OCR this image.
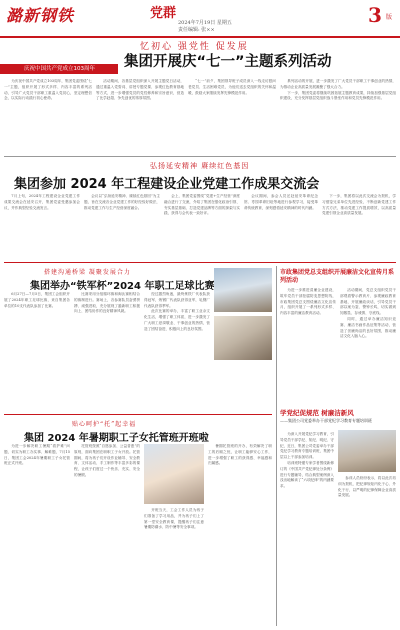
潞新钢铁	党群
2024年7月19日 星期五
责任编辑: 张××
3 版
忆初心 强党性 促发展
庆祝中国共产党成立103周年	集团开展庆“七一”主题系列活动

为庆祝中国共产党成立103周年，集团党委围绕“七一”主题，组织开展了形式多样、内容丰富的系列活动，引导广大党员干部职工重温入党初心，坚定理想信念，以实际行动践行初心使命。

活动期间，各基层党组织深入开展主题党日活动，通过重温入党誓词、讲授专题党课、参观红色教育基地等方式，进一步增强党员的党性修养和宗旨意识，营造了比学赶超、争先创优的浓厚氛围。

“七一”前夕，集团领导班子成员深入一线走访慰问老党员、生活困难党员，为他们送去党组织的关怀和温暖，鼓励大家继续发挥先锋模范作用。

系列活动的开展，进一步激发了广大党员干部职工干事创业的热情，为推动企业高质量发展凝聚了强大合力。

下一步，集团党委将继续巩固拓展主题教育成果，持续加强基层党组织建设，充分发挥基层党组织战斗堡垒作用和党员先锋模范作用。

弘扬延安精神 赓续红色基因
集团参加 2024 年工程建设企业党建工作成果交流会

7月上旬，2024年工程建设企业党建工作成果交流会在延安召开，集团党委受邀参加会议，并作典型经验交流发言。

会议以“弘扬延安精神、赓续红色基因”为主题，旨在交流各企业党建工作的好经验好做法，推动党建工作与生产经营深度融合。

会上，集团党委围绕“党建+生产经营”深度融合进行了交流，介绍了集团在强化政治引领、夯实基层基础、打造党建品牌等方面的探索与实践，获得与会代表一致好评。

会议期间，参会人员还赴延安革命纪念馆、枣园革命旧址等地进行参观学习，接受革命传统教育，深刻感悟延安精神的时代内涵。

下一步，集团将以此次交流会为契机，学习借鉴兄弟单位先进经验，不断创新党建工作方式方法，推动党建工作提质增效，以高质量党建引领企业高质量发展。

搭建沟通桥梁 凝聚发展合力
集团举办“铁军杯”2024 年职工足球比赛

6月27日—7月5日，集团工会组织开展了2024年职工足球比赛，来自集团各单位的10支代表队参加了比赛。

比赛采用分组循环赛和淘汰赛相结合的赛制进行。赛场上，各参赛队员奋勇拼搏、顽强进取，充分展现了潞新职工积极向上、团结协作的良好精神风貌。

经过激烈角逐，最终炼铁厂代表队获得冠军，炼钢厂代表队获得亚军，轧钢厂代表队获得季军。

此次比赛的举办，丰富了职工业余文化生活，增强了职工体质，进一步激发了广大职工爱岗敬业、干事创业的热情，营造了团结奋进、积极向上的良好氛围。

市政集团党总支组织开展廉洁文化宣传月系列活动

为进一步推进清廉企业建设，筑牢党员干部拒腐防变思想防线，市政集团党总支围绕廉洁文化宣传月，组织开展了一系列形式多样、内容丰富的廉洁教育活动。

活动期间，党总支组织党员干部观看警示教育片、参观廉政教育基地、开展廉政谈话，引导党员干部以案为鉴、警钟长鸣，切实做到知敬畏、存戒惧、守底线。

同时，通过举办廉洁知识竞赛、廉洁书画作品征集等活动，营造了崇廉尚洁的良好氛围，推动廉洁文化入脑入心。

贴心呵护“托”起幸福
集团 2024 年暑期职工子女托管班开班啦

为进一步解决职工暑期“看护难”问题，切实为职工办实事、解难题，7月15日，集团工会2024年暑期职工子女托管班正式开班。

托管班按照“自愿参加、公益普惠”的原则，面向集团在职职工子女开放。托管期间，将为孩子们开设作业辅导、安全教育、文体活动、手工制作等丰富多彩的课程，让孩子们度过一个快乐、充实、安全的暑假。

开班当天，工会工作人员为孩子们准备了学习用品，并为孩子们上了第一堂安全教育课，提醒孩子们注意暑期防溺水、防中暑等安全事项。

暑期托管班的开办，有效解决了职工的后顾之忧，让职工能够安心工作，进一步增强了职工的获得感、幸福感和归属感。

学党纪促规范 树廉洁新风
——集团公司党委举办干部党纪学习教育专题培训班

为深入开展党纪学习教育，引导党员干部学纪、知纪、明纪、守纪，近日，集团公司党委举办干部党纪学习教育专题培训班，集团中层以上干部参加培训。

培训班特邀专家学者围绕新修订的《中国共产党纪律处分条例》进行专题辅导，结合典型案例深入浅出地解读了“六项纪律”的内涵要求。

参训人员纷纷表示，将以此次培训为契机，把纪律规矩内化于心、外化于行，以严明的纪律保障企业高质量发展。
